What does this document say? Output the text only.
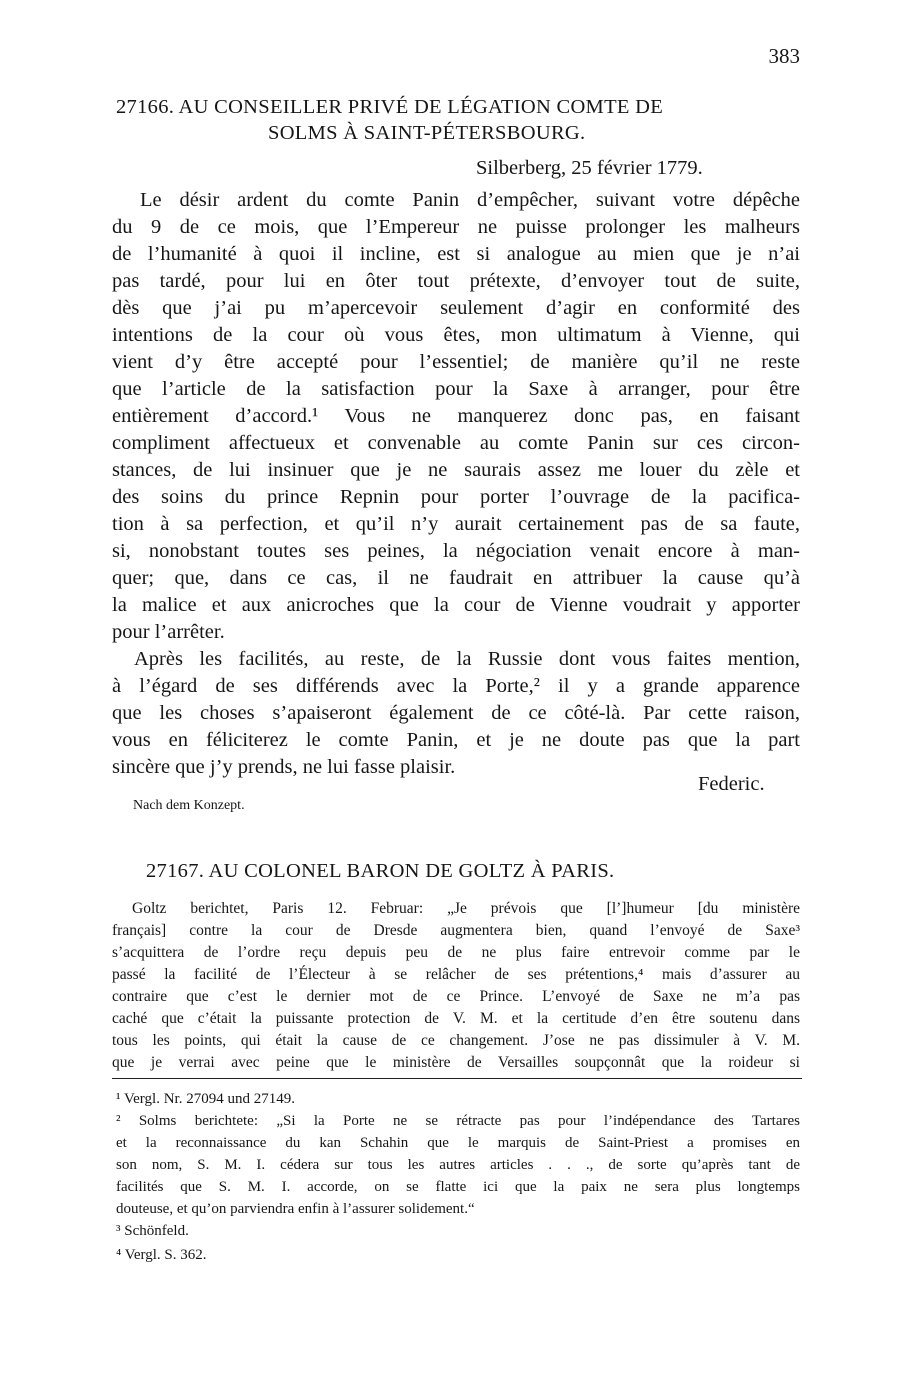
383
27166. AU CONSEILLER PRIVÉ DE LÉGATION COMTE DE
SOLMS À SAINT-PÉTERSBOURG.
Silberberg, 25 février 1779.
Le désir ardent du comte Panin d’empêcher, suivant votre dépêche
du 9 de ce mois, que l’Empereur ne puisse prolonger les malheurs
de l’humanité à quoi il incline, est si analogue au mien que je n’ai
pas tardé, pour lui en ôter tout prétexte, d’envoyer tout de suite,
dès que j’ai pu m’apercevoir seulement d’agir en conformité des
intentions de la cour où vous êtes, mon ultimatum à Vienne, qui
vient d’y être accepté pour l’essentiel; de manière qu’il ne reste
que l’article de la satisfaction pour la Saxe à arranger, pour être
entièrement d’accord.¹ Vous ne manquerez donc pas, en faisant
compliment affectueux et convenable au comte Panin sur ces circon-
stances, de lui insinuer que je ne saurais assez me louer du zèle et
des soins du prince Repnin pour porter l’ouvrage de la pacifica-
tion à sa perfection, et qu’il n’y aurait certainement pas de sa faute,
si, nonobstant toutes ses peines, la négociation venait encore à man-
quer; que, dans ce cas, il ne faudrait en attribuer la cause qu’à
la malice et aux anicroches que la cour de Vienne voudrait y apporter
pour l’arrêter.
Après les facilités, au reste, de la Russie dont vous faites mention,
à l’égard de ses différends avec la Porte,² il y a grande apparence
que les choses s’apaiseront également de ce côté-là. Par cette raison,
vous en féliciterez le comte Panin, et je ne doute pas que la part
sincère que j’y prends, ne lui fasse plaisir.
Federic.
Nach dem Konzept.
27167. AU COLONEL BARON DE GOLTZ À PARIS.
Goltz berichtet, Paris 12. Februar: „Je prévois que [l’]humeur [du ministère
français] contre la cour de Dresde augmentera bien, quand l’envoyé de Saxe³
s’acquittera de l’ordre reçu depuis peu de ne plus faire entrevoir comme par le
passé la facilité de l’Électeur à se relâcher de ses prétentions,⁴ mais d’assurer au
contraire que c’est le dernier mot de ce Prince. L’envoyé de Saxe ne m’a pas
caché que c’était la puissante protection de V. M. et la certitude d’en être soutenu dans
tous les points, qui était la cause de ce changement. J’ose ne pas dissimuler à V. M.
que je verrai avec peine que le ministère de Versailles soupçonnât que la roideur si
¹ Vergl. Nr. 27094 und 27149.
² Solms berichtete: „Si la Porte ne se rétracte pas pour l’indépendance des Tartares
et la reconnaissance du kan Schahin que le marquis de Saint-Priest a promises en
son nom, S. M. I. cédera sur tous les autres articles . . ., de sorte qu’après tant de
facilités que S. M. I. accorde, on se flatte ici que la paix ne sera plus longtemps
douteuse, et qu’on parviendra enfin à l’assurer solidement.“
³ Schönfeld.
⁴ Vergl. S. 362.
